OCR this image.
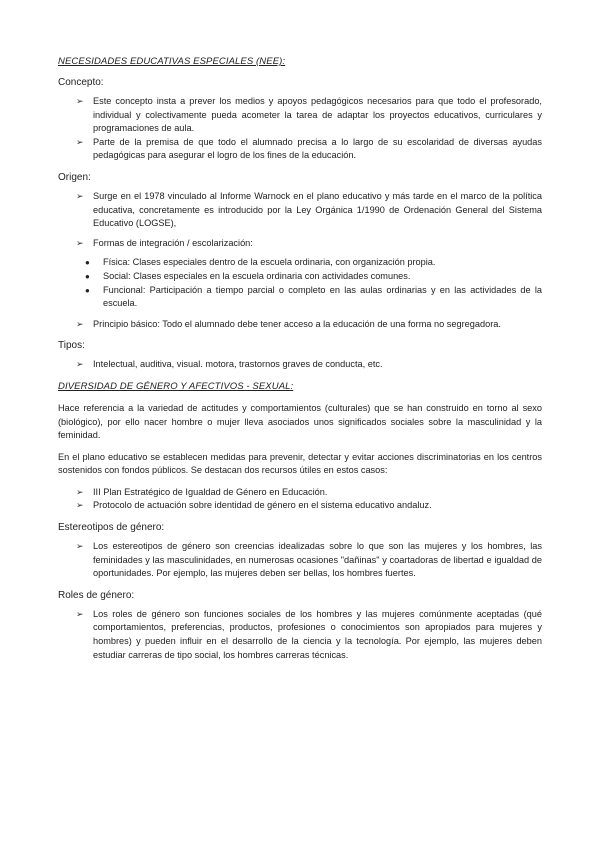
NECESIDADES EDUCATIVAS ESPECIALES (NEE):
Concepto:
➢ Este concepto insta a prever los medios y apoyos pedagógicos necesarios para que todo el profesorado, individual y colectivamente pueda acometer la tarea de adaptar los proyectos educativos, curriculares y programaciones de aula.
➢ Parte de la premisa de que todo el alumnado precisa a lo largo de su escolaridad de diversas ayudas pedagógicas para asegurar el logro de los fines de la educación.
Origen:
➢ Surge en el 1978 vinculado al Informe Warnock en el plano educativo y más tarde en el marco de la política educativa, concretamente es introducido por la Ley Orgánica 1/1990 de Ordenación General del Sistema Educativo (LOGSE),
➢ Formas de integración / escolarización:
● Física: Clases especiales dentro de la escuela ordinaria, con organización propia.
● Social: Clases especiales en la escuela ordinaria con actividades comunes.
● Funcional: Participación a tiempo parcial o completo en las aulas ordinarias y en las actividades de la escuela.
➢ Principio básico: Todo el alumnado debe tener acceso a la educación de una forma no segregadora.
Tipos:
➢ Intelectual, auditiva, visual. motora, trastornos graves de conducta, etc.
DIVERSIDAD DE GÉNERO Y AFECTIVOS - SEXUAL:

Hace referencia a la variedad de actitudes y comportamientos (culturales) que se han construido en torno al sexo (biológico), por ello nacer hombre o mujer lleva asociados unos significados sociales sobre la masculinidad y la feminidad.

En el plano educativo se establecen medidas para prevenir, detectar y evitar acciones discriminatorias en los centros sostenidos con fondos públicos. Se destacan dos recursos útiles en estos casos:

➢ III Plan Estratégico de Igualdad de Género en Educación.
➢ Protocolo de actuación sobre identidad de género en el sistema educativo andaluz.
Estereotipos de género:
➢ Los estereotipos de género son creencias idealizadas sobre lo que son las mujeres y los hombres, las feminidades y las masculinidades, en numerosas ocasiones "dañinas" y coartadoras de libertad e igualdad de oportunidades. Por ejemplo, las mujeres deben ser bellas, los hombres fuertes.
Roles de género:
➢ Los roles de género son funciones sociales de los hombres y las mujeres comúnmente aceptadas (qué comportamientos, preferencias, productos, profesiones o conocimientos son apropiados para mujeres y hombres) y pueden influir en el desarrollo de la ciencia y la tecnología. Por ejemplo, las mujeres deben estudiar carreras de tipo social, los hombres carreras técnicas.
